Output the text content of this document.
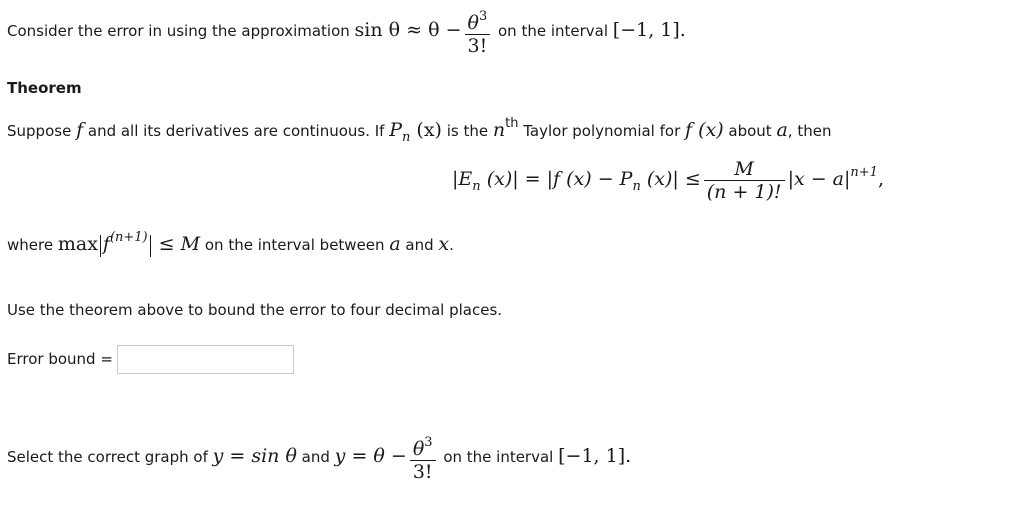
Consider the error in using the approximation $\sin \theta \approx \theta - \frac{\theta^3}{3!}$ on the interval [−1, 1].
Theorem
Suppose f and all its derivatives are continuous. If Pn (x) is the nth Taylor polynomial for f (x) about a, then
|En (x)| = |f (x) − Pn $(x)| \le \frac{M}{(n + 1)!} |x - a|n+1$,
where max f(n+1) ≤ M on the interval between a and x.
Use the theorem above to bound the error to four decimal places.
Error bound =
Select the correct graph of y = sin θ and $y = \theta - \frac{\theta^3}{3!}$ on the interval [−1, 1].
